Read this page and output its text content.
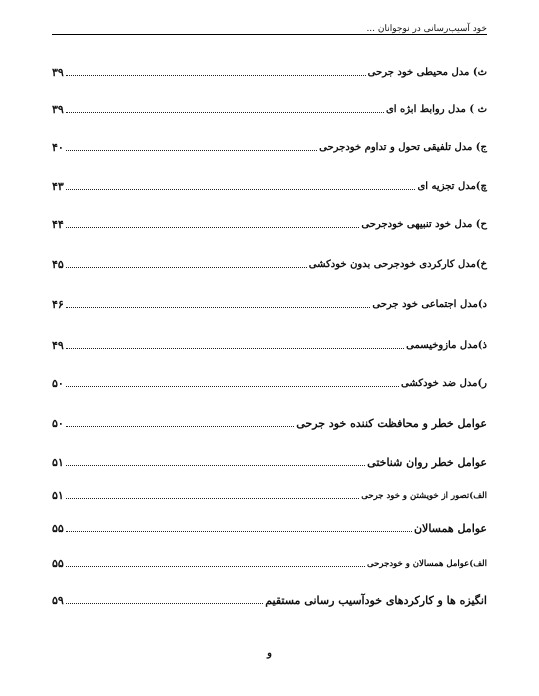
خود آسیب‌رسانی در نوجوانان ...
ث) مدل محیطی خود جرحی
۳۹
ث ) مدل روابط ابژه ای
۳۹
ج) مدل تلفیقی تحول و تداوم خودجرحی
۴۰
چ)مدل تجزیه ای
۴۳
ح) مدل خود تنبیهی خودجرحی
۴۴
خ)مدل کارکردی خودجرحی بدون خودکشی
۴۵
د)مدل اجتماعی خود جرحی
۴۶
ذ)مدل مازوخیسمی
۴۹
ر)مدل ضد خودکشی
۵۰
عوامل خطر و محافظت کننده خود جرحی
۵۰
عوامل خطر روان شناختی
۵۱
الف)تصور از خویشتن و خود جرحی
۵۱
عوامل همسالان
۵۵
الف)عوامل همسالان و خودجرحی
۵۵
انگیزه ها و کارکردهای خودآسیب رسانی مستقیم
۵۹
و
